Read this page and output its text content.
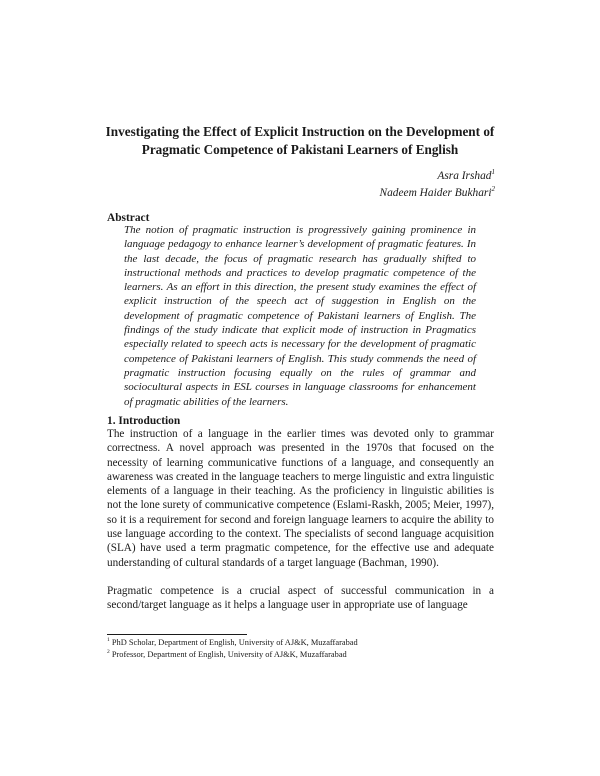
Investigating the Effect of Explicit Instruction on the Development of Pragmatic Competence of Pakistani Learners of English
Asra Irshad$^1$
Nadeem Haider Bukhari$^2$
Abstract
The notion of pragmatic instruction is progressively gaining prominence in language pedagogy to enhance learner’s development of pragmatic features. In the last decade, the focus of pragmatic research has gradually shifted to instructional methods and practices to develop pragmatic competence of the learners. As an effort in this direction, the present study examines the effect of explicit instruction of the speech act of suggestion in English on the development of pragmatic competence of Pakistani learners of English. The findings of the study indicate that explicit mode of instruction in Pragmatics especially related to speech acts is necessary for the development of pragmatic competence of Pakistani learners of English. This study commends the need of pragmatic instruction focusing equally on the rules of grammar and sociocultural aspects in ESL courses in language classrooms for enhancement of pragmatic abilities of the learners.
1. Introduction

The instruction of a language in the earlier times was devoted only to grammar correctness. A novel approach was presented in the 1970s that focused on the necessity of learning communicative functions of a language, and consequently an awareness was created in the language teachers to merge linguistic and extra linguistic elements of a language in their teaching. As the proficiency in linguistic abilities is not the lone surety of communicative competence (Eslami-Raskh, 2005; Meier, 1997), so it is a requirement for second and foreign language learners to acquire the ability to use language according to the context. The specialists of second language acquisition (SLA) have used a term pragmatic competence, for the effective use and adequate understanding of cultural standards of a target language (Bachman, 1990).

Pragmatic competence is a crucial aspect of successful communication in a second/target language as it helps a language user in appropriate use of language

$^1$ PhD Scholar, Department of English, University of AJ&K, Muzaffarabad
$^2$ Professor, Department of English, University of AJ&K, Muzaffarabad
